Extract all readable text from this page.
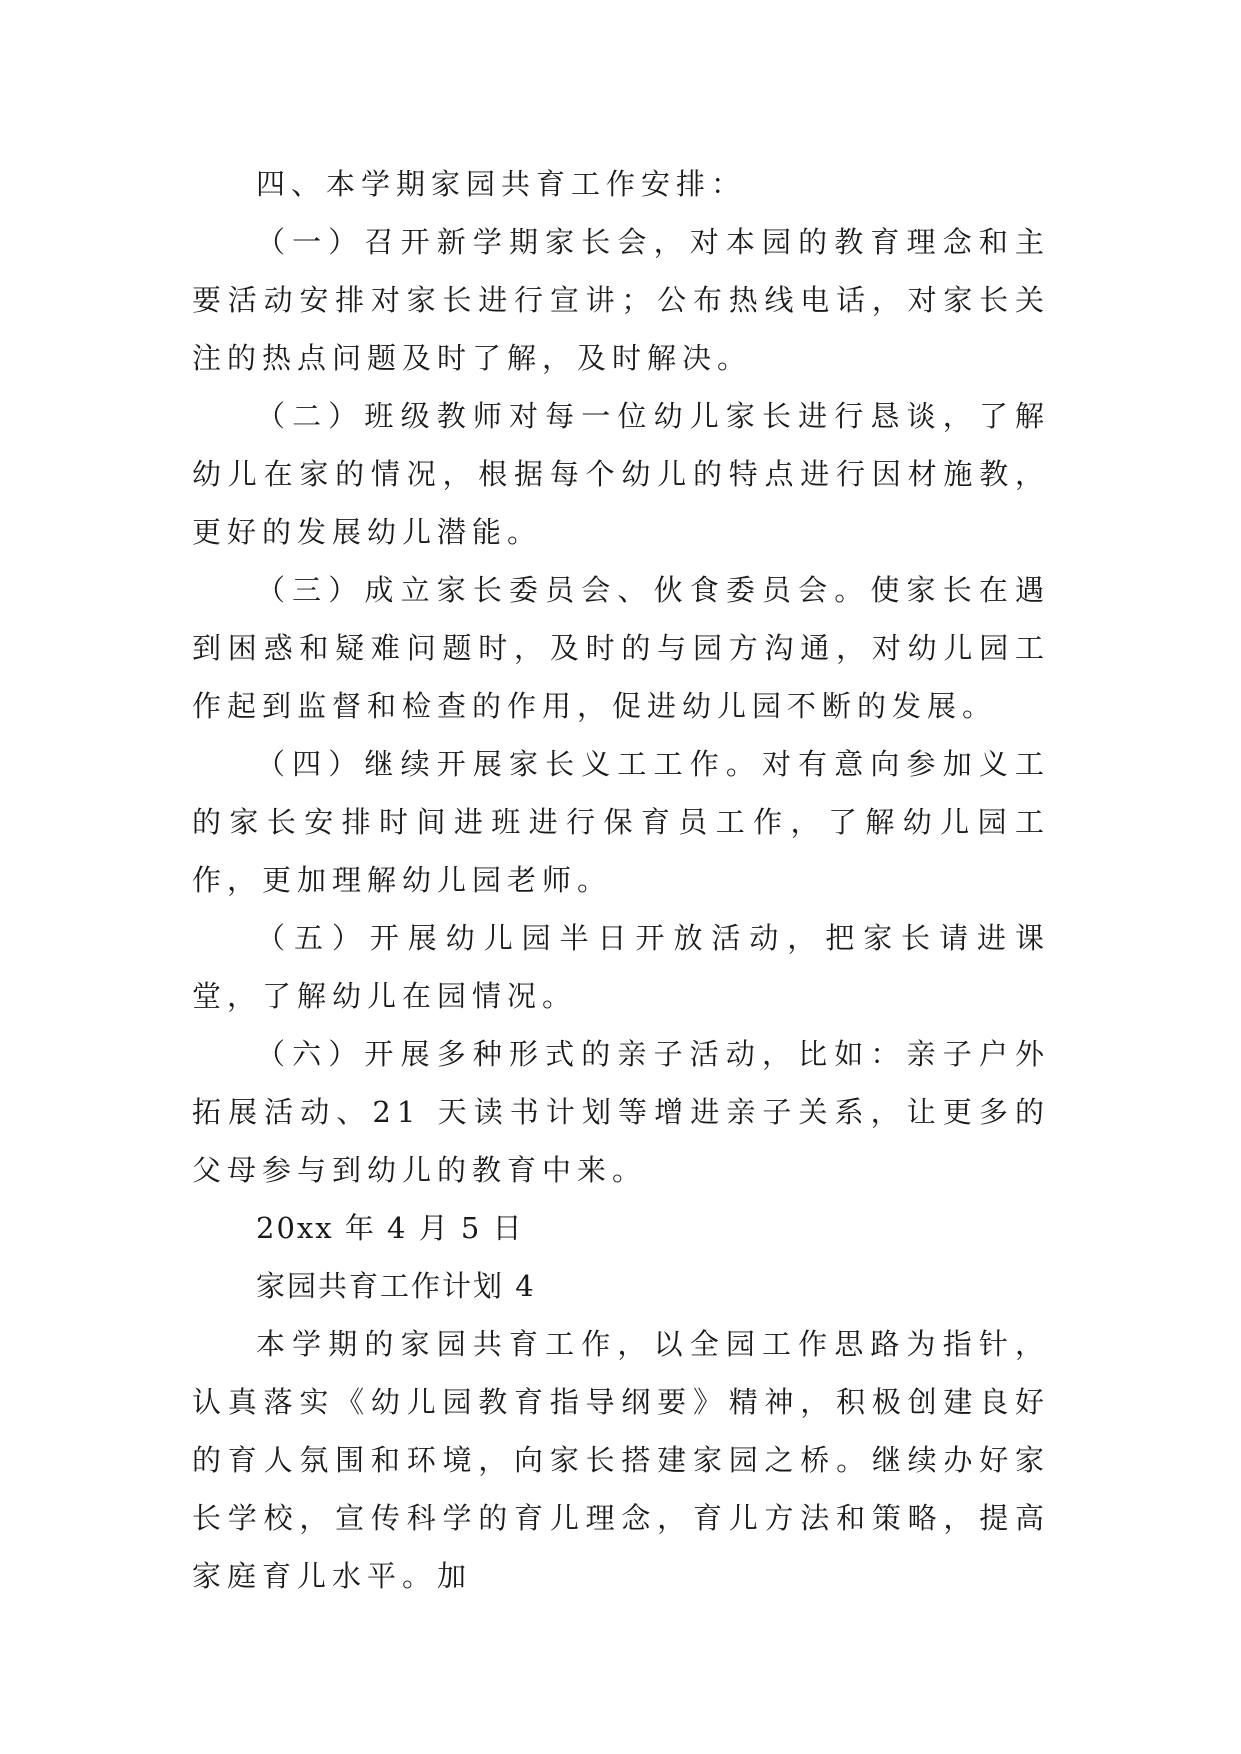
四、本学期家园共育工作安排：

（一）召开新学期家长会，对本园的教育理念和主要活动安排对家长进行宣讲；公布热线电话，对家长关注的热点问题及时了解，及时解决。

（二）班级教师对每一位幼儿家长进行恳谈，了解幼儿在家的情况，根据每个幼儿的特点进行因材施教，更好的发展幼儿潜能。

（三）成立家长委员会、伙食委员会。使家长在遇到困惑和疑难问题时，及时的与园方沟通，对幼儿园工作起到监督和检查的作用，促进幼儿园不断的发展。

（四）继续开展家长义工工作。对有意向参加义工的家长安排时间进班进行保育员工作，了解幼儿园工作，更加理解幼儿园老师。

（五）开展幼儿园半日开放活动，把家长请进课堂，了解幼儿在园情况。

（六）开展多种形式的亲子活动，比如：亲子户外拓展活动、21 天读书计划等增进亲子关系，让更多的父母参与到幼儿的教育中来。

20xx 年 4 月 5 日

家园共育工作计划 4

本学期的家园共育工作，以全园工作思路为指针，认真落实《幼儿园教育指导纲要》精神，积极创建良好的育人氛围和环境，向家长搭建家园之桥。继续办好家长学校，宣传科学的育儿理念，育儿方法和策略，提高家庭育儿水平。加
